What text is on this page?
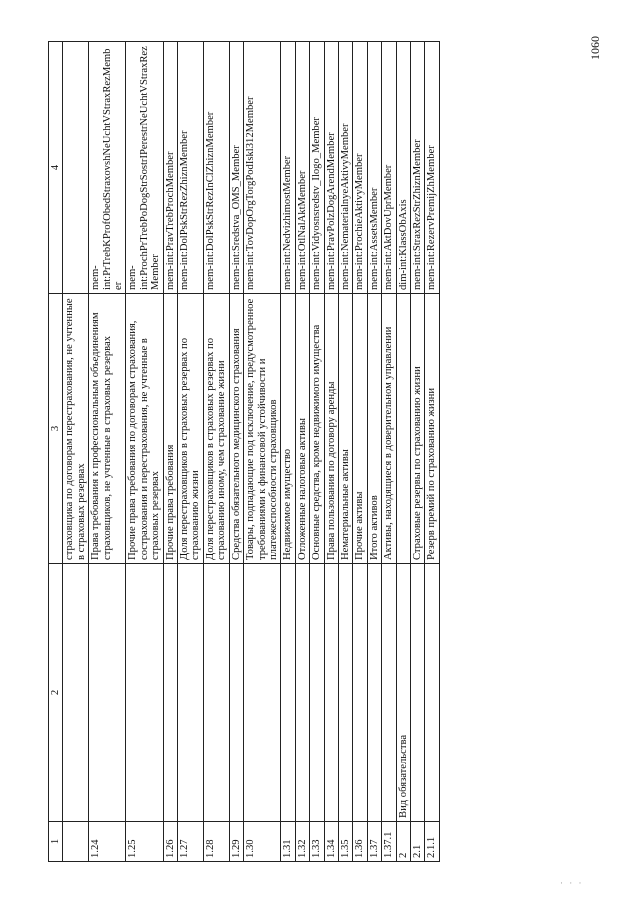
1	2	3	4
		страховщика по договорам перестрахования, не учтенные в страховых резервах	
1.24		Права требования к профессиональным объединениям страховщиков, не учтенные в страховых резервах	mem-int:PrTrebKProfObedStraxovshNeUchtVStraxRezMember
1.25		Прочие права требования по договорам страхования, сострахования и перестрахования, не учтенные в страховых резервах	mem-int:ProchPrTrebPoDogStrSostrIPerestrNeUchtVStraxRezMember
1.26		Прочие права требования	mem-int:PravTrebProchMember
1.27		Доля перестраховщиков в страховых резервах по страхованию жизни	mem-int:DolPskStrRezZhiznMember
1.28		Доля перестраховщиков в страховых резервах по страхованию иному, чем страхование жизни	mem-int:DolPskStrRezInClZhiznMember
1.29		Средства обязательного медицинского страхования	mem-int:Sredstva_OMS_Member
1.30		Товары, подпадающие под исключение, предусмотренное требованиями к финансовой устойчивости и платежеспособности страховщиков	mem-int:TovDopOrgTorgPodIskl312Member
1.31		Недвижимое имущество	mem-int:NedvizhimostMember
1.32		Отложенные налоговые активы	mem-int:OtlNalAktMember
1.33		Основные средства, кроме недвижимого имущества	mem-int:Vidyosnsredstv_Ilogo_Member
1.34		Права пользования по договору аренды	mem-int:PravPolzDogArendMember
1.35		Нематериальные активы	mem-int:NematerialnyeAktivyMember
1.36		Прочие активы	mem-int:ProchieAktivyMember
1.37		Итого активов	mem-int:AssetsMember
1.37.1		Активы, находящиеся в доверительном управлении	mem-int:AktDovUprMember
2	Вид обязательства		dim-int:KlassObAxis
2.1		Страховые резервы по страхованию жизни	mem-int:StraxRezStrZhiznMember
2.1.1		Резерв премий по страхованию жизни	mem-int:RezervPremijZhMember
1060
· · ·
